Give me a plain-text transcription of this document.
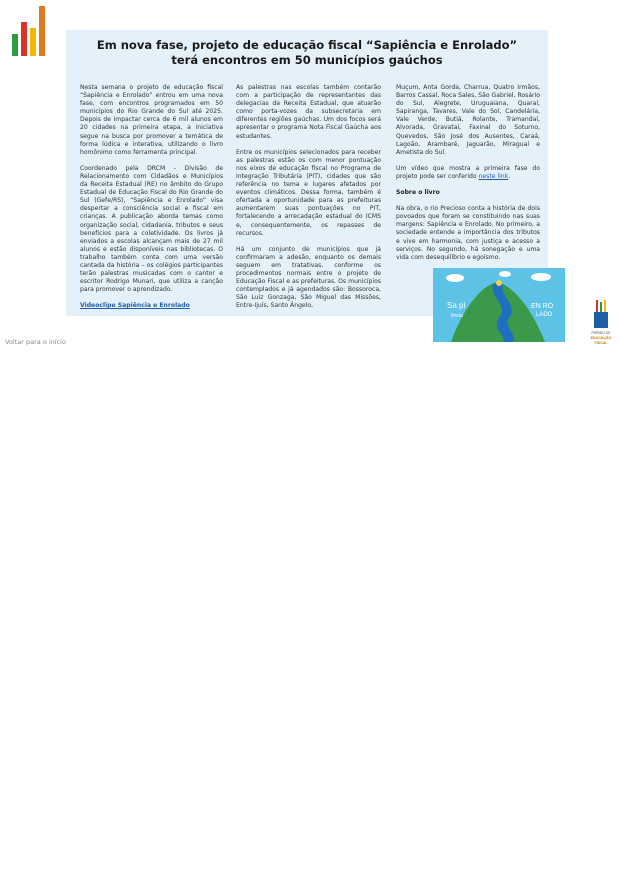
Em nova fase, projeto de educação fiscal “Sapiência e Enrolado”
terá encontros em 50 municípios gaúchos

Nesta semana o projeto de educação fiscal “Sapiência e Enrolado” entrou em uma nova fase, com encontros programados em 50 municípios do Rio Grande do Sul até 2025. Depois de impactar cerca de 6 mil alunos em 20 cidades na primeira etapa, a iniciativa segue na busca por promover a temática de forma lúdica e interativa, utilizando o livro homônimo como ferramenta principal.

Coordenado pela DRCM - Divisão de Relacionamento com Cidadãos e Municípios da Receita Estadual (RE) no âmbito do Grupo Estadual de Educação Fiscal do Rio Grande do Sul (Gefe/RS), “Sapiência e Enrolado” visa despertar a consciência social e fiscal em crianças. A publicação aborda temas como organização social, cidadania, tributos e seus benefícios para a coletividade. Os livros já enviados a escolas alcançam mais de 27 mil alunos e estão disponíveis nas bibliotecas. O trabalho também conta com uma versão cantada da história – os colégios participantes terão palestras musicadas com o cantor e escritor Rodrigo Munari, que utiliza a canção para promover o aprendizado.

Videoclipe Sapiência e Enrolado

As palestras nas escolas também contarão com a participação de representantes das delegacias da Receita Estadual, que atuarão como porta-vozes da subsecretaria em diferentes regiões gaúchas. Um dos focos será apresentar o programa Nota Fiscal Gaúcha aos estudantes.

Entre os municípios selecionados para receber as palestras estão os com menor pontuação nos eixos de educação fiscal no Programa de Integração Tributária (PIT), cidades que são referência no tema e lugares afetados por eventos climáticos. Dessa forma, também é ofertada a oportunidade para as prefeituras aumentarem suas pontuações no PIT, fortalecendo a arrecadação estadual do ICMS e, consequentemente, os repasses de recursos.

Há um conjunto de municípios que já confirmaram a adesão, enquanto os demais seguem em tratativas, conforme os procedimentos normais entre o projeto de Educação Fiscal e as prefeituras. Os municípios contemplados e já agendados são: Bossoroca, São Luiz Gonzaga, São Miguel das Missões, Entre-Ijuís, Santo Ângelo,

Muçum, Anta Gorda, Charrua, Quatro Irmãos, Barros Cassal, Roca Sales, São Gabriel, Rosário do Sul, Alegrete, Uruguaiana, Quaraí, Sapiranga, Tavares, Vale do Sol, Candelária, Vale Verde, Butiá, Rolante, Tramandaí, Alvorada, Gravataí, Faxinal do Soturno, Quevedos, São José dos Ausentes, Caraá, Lagoão, Arambaré, Jaguarão, Miraguaí e Ametista do Sul.

Um vídeo que mostra a primeira fase do projeto pode ser conferido neste link.

Sobre o livro

Na obra, o rio Precioso conta a história de dois povoados que foram se constituindo nas suas margens: Sapiência e Enrolado. No primeiro, a sociedade entende a importância dos tributos e vive em harmonia, com justiça e acesso a serviços. No segundo, há sonegação e uma vida com desequilíbrio e egoísmo.

Sa pi
ência
EN RO
LADO
Voltar para o início
PRÊMIO DE
EDUCAÇÃO
FISCAL
